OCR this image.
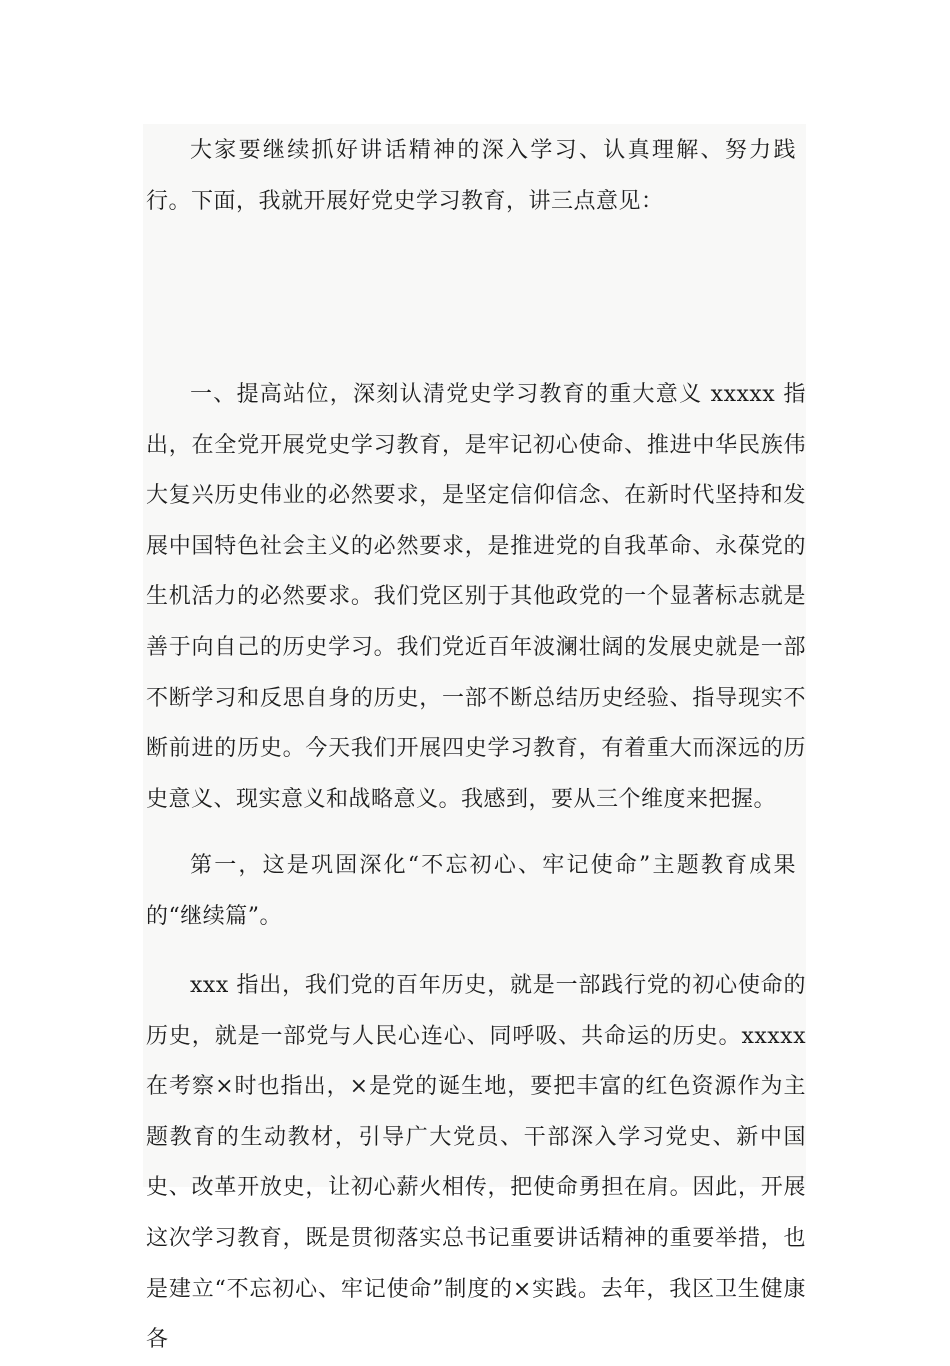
大家要继续抓好讲话精神的深入学习、认真理解、努力践行。下面，我就开展好党史学习教育，讲三点意见：

一、提高站位，深刻认清党史学习教育的重大意义 xxxxx 指出，在全党开展党史学习教育，是牢记初心使命、推进中华民族伟大复兴历史伟业的必然要求，是坚定信仰信念、在新时代坚持和发展中国特色社会主义的必然要求，是推进党的自我革命、永葆党的生机活力的必然要求。我们党区别于其他政党的一个显著标志就是善于向自己的历史学习。我们党近百年波澜壮阔的发展史就是一部不断学习和反思自身的历史，一部不断总结历史经验、指导现实不断前进的历史。今天我们开展四史学习教育，有着重大而深远的历史意义、现实意义和战略意义。我感到，要从三个维度来把握。

第一，这是巩固深化“不忘初心、牢记使命”主题教育成果的“继续篇”。

xxx 指出，我们党的百年历史，就是一部践行党的初心使命的历史，就是一部党与人民心连心、同呼吸、共命运的历史。xxxxx 在考察×时也指出，×是党的诞生地，要把丰富的红色资源作为主题教育的生动教材，引导广大党员、干部深入学习党史、新中国史、改革开放史，让初心薪火相传，把使命勇担在肩。因此，开展这次学习教育，既是贯彻落实总书记重要讲话精神的重要举措，也是建立“不忘初心、牢记使命”制度的×实践。去年，我区卫生健康各
